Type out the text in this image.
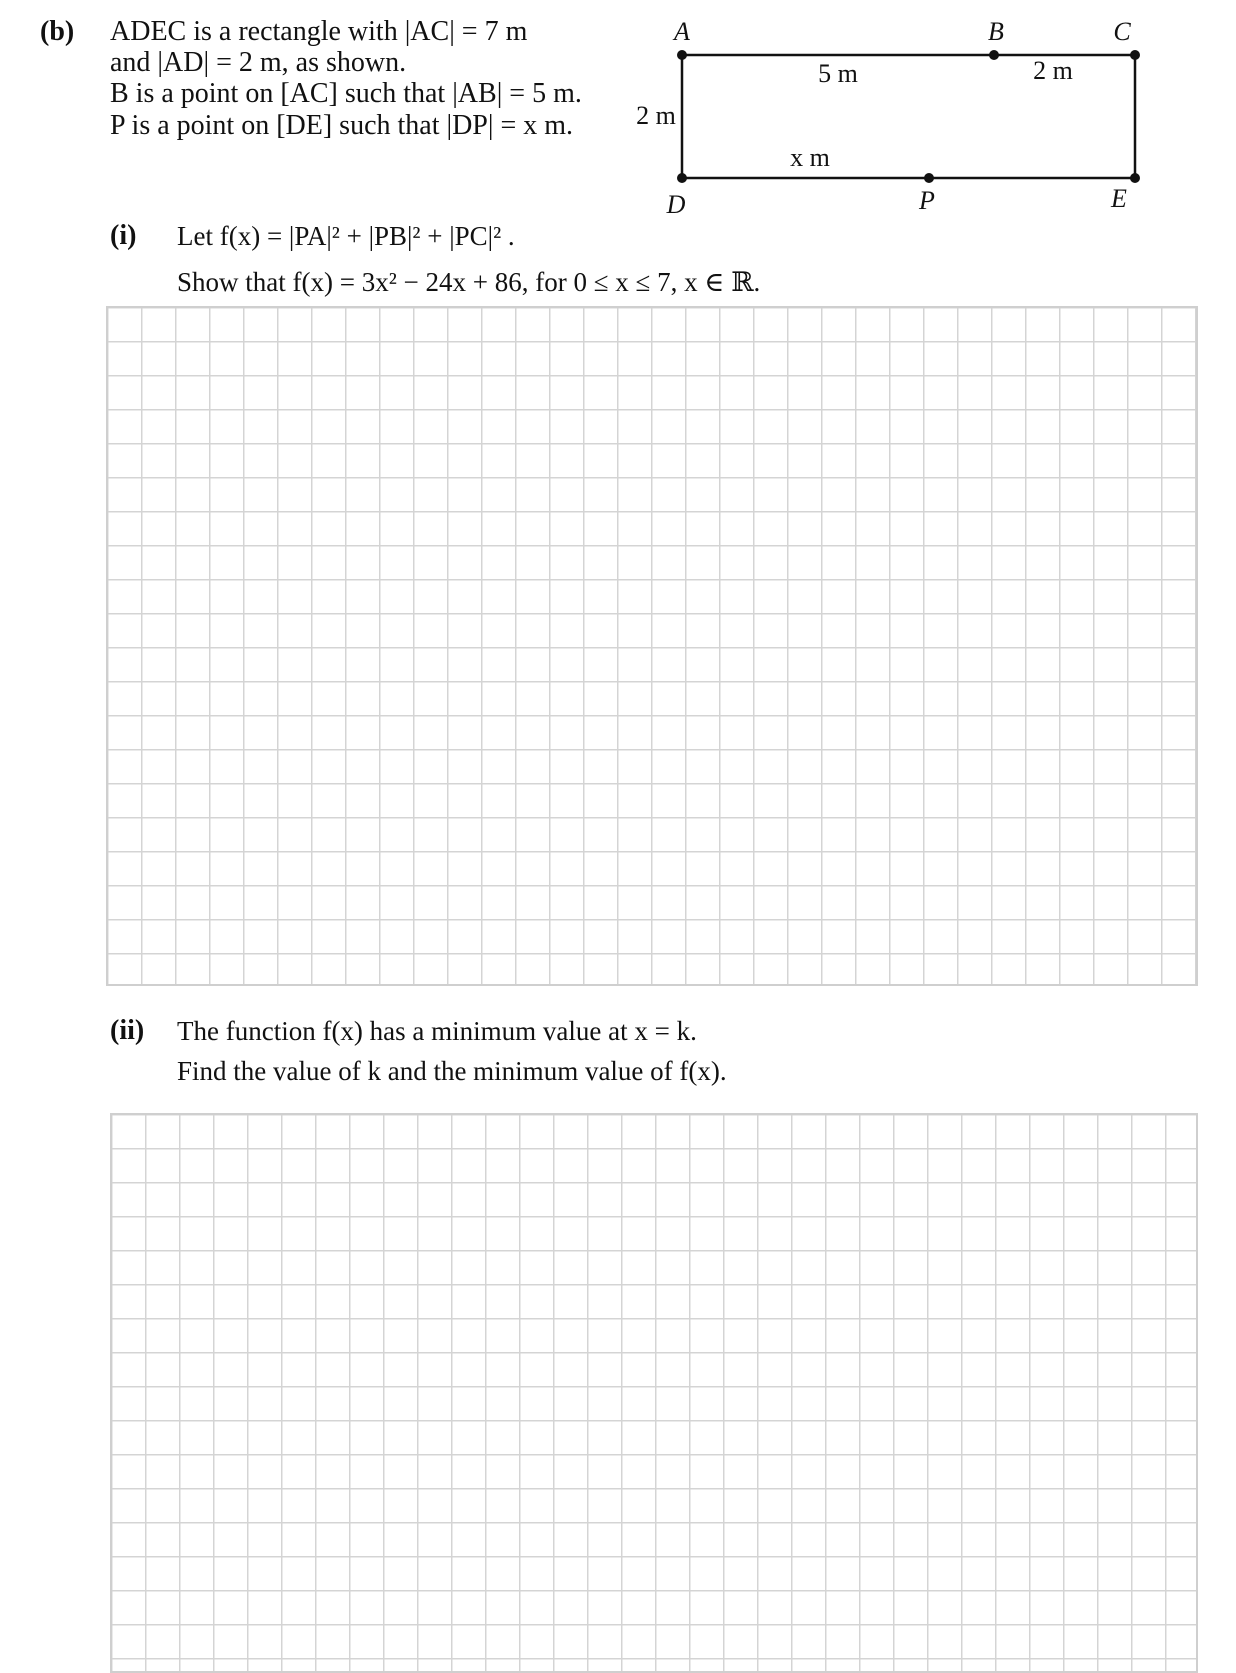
(b) ADEC is a rectangle with |AC| = 7 m
and |AD| = 2 m, as shown.
B is a point on [AC] such that |AB| = 5 m.
P is a point on [DE] such that |DP| = x m.
A	B	C
D	P	E
5 m	2 m
2 m
x m
(i) Let f(x) = |PA|² + |PB|² + |PC|² .
Show that f(x) = 3x² − 24x + 86, for 0 ≤ x ≤ 7, x ∈ ℝ.
(ii) The function f(x) has a minimum value at x = k.
Find the value of k and the minimum value of f(x).
